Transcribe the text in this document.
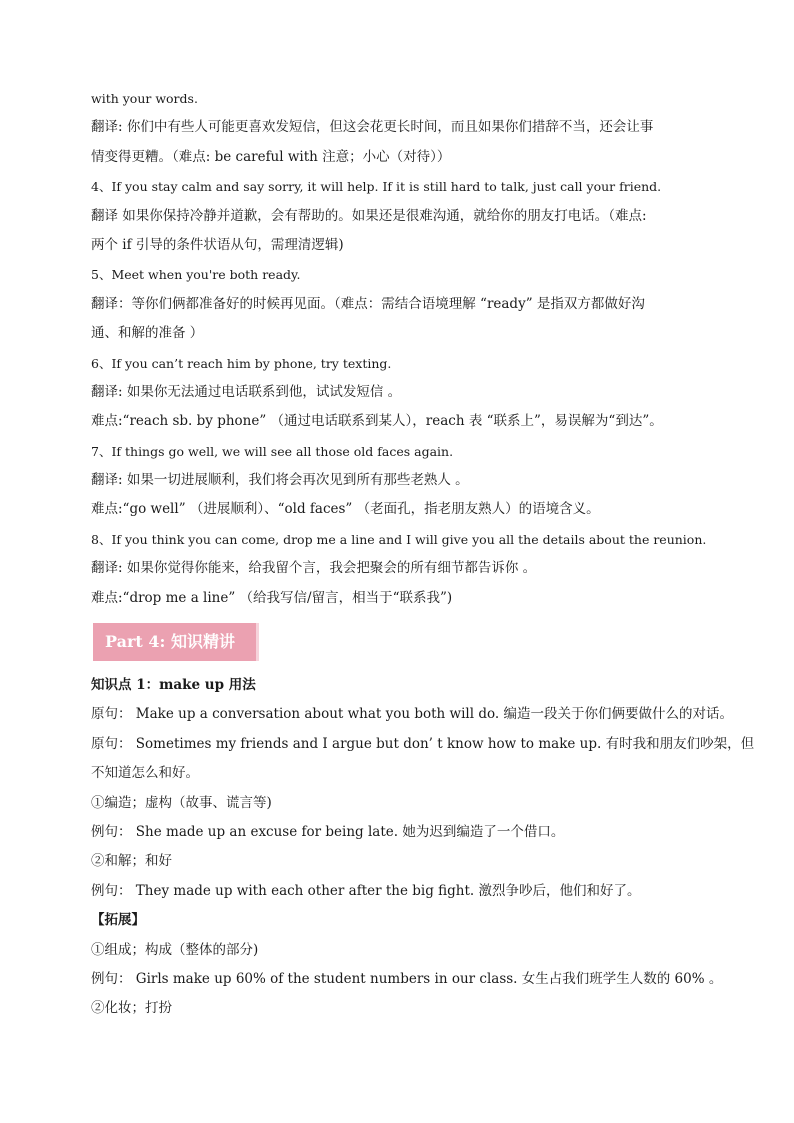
with your words.
翻译: 你们中有些人可能更喜欢发短信，但这会花更长时间，而且如果你们措辞不当，还会让事
情变得更糟。（难点: be careful with 注意；小心（对待））
4、If you stay calm and say sorry, it will help. If it is still hard to talk, just call your friend.
翻译 如果你保持冷静并道歉，会有帮助的。如果还是很难沟通，就给你的朋友打电话。（难点:
两个 if 引导的条件状语从句，需理清逻辑)
5、Meet when you're both ready.
翻译：等你们俩都准备好的时候再见面。（难点：需结合语境理解 “ready” 是指双方都做好沟
通、和解的准备 ）
6、If you can’t reach him by phone, try texting.
翻译: 如果你无法通过电话联系到他，试试发短信 。
难点:“reach sb. by phone” （通过电话联系到某人），reach 表 “联系上”，易误解为“到达”。
7、If things go well, we will see all those old faces again.
翻译: 如果一切进展顺利，我们将会再次见到所有那些老熟人 。
难点:“go well” （进展顺利）、“old faces” （老面孔，指老朋友熟人）的语境含义。
8、If you think you can come, drop me a line and I will give you all the details about the reunion.
翻译: 如果你觉得你能来，给我留个言，我会把聚会的所有细节都告诉你 。
难点:“drop me a line” （给我写信/留言，相当于“联系我”)
Part 4: 知识精讲
知识点 1：make up 用法
原句： Make up a conversation about what you both will do. 编造一段关于你们俩要做什么的对话。
原句： Sometimes my friends and I argue but don’ t know how to make up. 有时我和朋友们吵架，但
不知道怎么和好。
①编造；虚构（故事、谎言等)
例句： She made up an excuse for being late. 她为迟到编造了一个借口。
②和解；和好
例句： They made up with each other after the big fight. 激烈争吵后，他们和好了。
【拓展】
①组成；构成（整体的部分)
例句： Girls make up 60% of the student numbers in our class. 女生占我们班学生人数的 60% 。
②化妆；打扮
